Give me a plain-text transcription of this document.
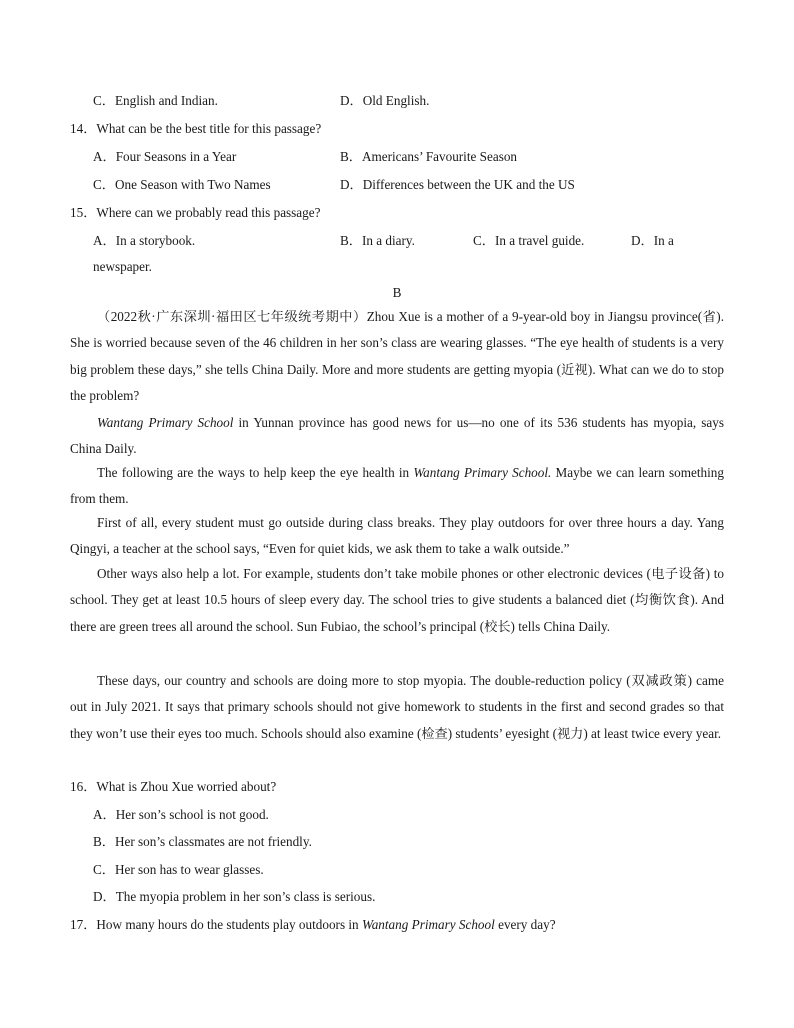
C．English and Indian.	D．Old English.
14．What can be the best title for this passage?
A．Four Seasons in a Year	B．Americans’ Favourite Season
C．One Season with Two Names	D．Differences between the UK and the US
15．Where can we probably read this passage?
A．In a storybook.	B．In a diary.	C．In a travel guide.	D．In a
newspaper.
B
（2022秋·广东深圳·福田区七年级统考期中）Zhou Xue is a mother of a 9-year-old boy in Jiangsu province(省). She is worried because seven of the 46 children in her son’s class are wearing glasses. “The eye health of students is a very big problem these days,” she tells China Daily. More and more students are getting myopia (近视). What can we do to stop the problem?
Wantang Primary School in Yunnan province has good news for us—no one of its 536 students has myopia, says China Daily.
The following are the ways to help keep the eye health in Wantang Primary School. Maybe we can learn something from them.
First of all, every student must go outside during class breaks. They play outdoors for over three hours a day. Yang Qingyi, a teacher at the school says, “Even for quiet kids, we ask them to take a walk outside.”
Other ways also help a lot. For example, students don’t take mobile phones or other electronic devices (电子设备) to school. They get at least 10.5 hours of sleep every day. The school tries to give students a balanced diet (均衡饮食). And there are green trees all around the school. Sun Fubiao, the school’s principal (校长) tells China Daily.
These days, our country and schools are doing more to stop myopia. The double-reduction policy (双减政策) came out in July 2021. It says that primary schools should not give homework to students in the first and second grades so that they won’t use their eyes too much. Schools should also examine (检查) students’ eyesight (视力) at least twice every year.
16．What is Zhou Xue worried about?
A．Her son’s school is not good.
B．Her son’s classmates are not friendly.
C．Her son has to wear glasses.
D．The myopia problem in her son’s class is serious.
17．How many hours do the students play outdoors in Wantang Primary School every day?
